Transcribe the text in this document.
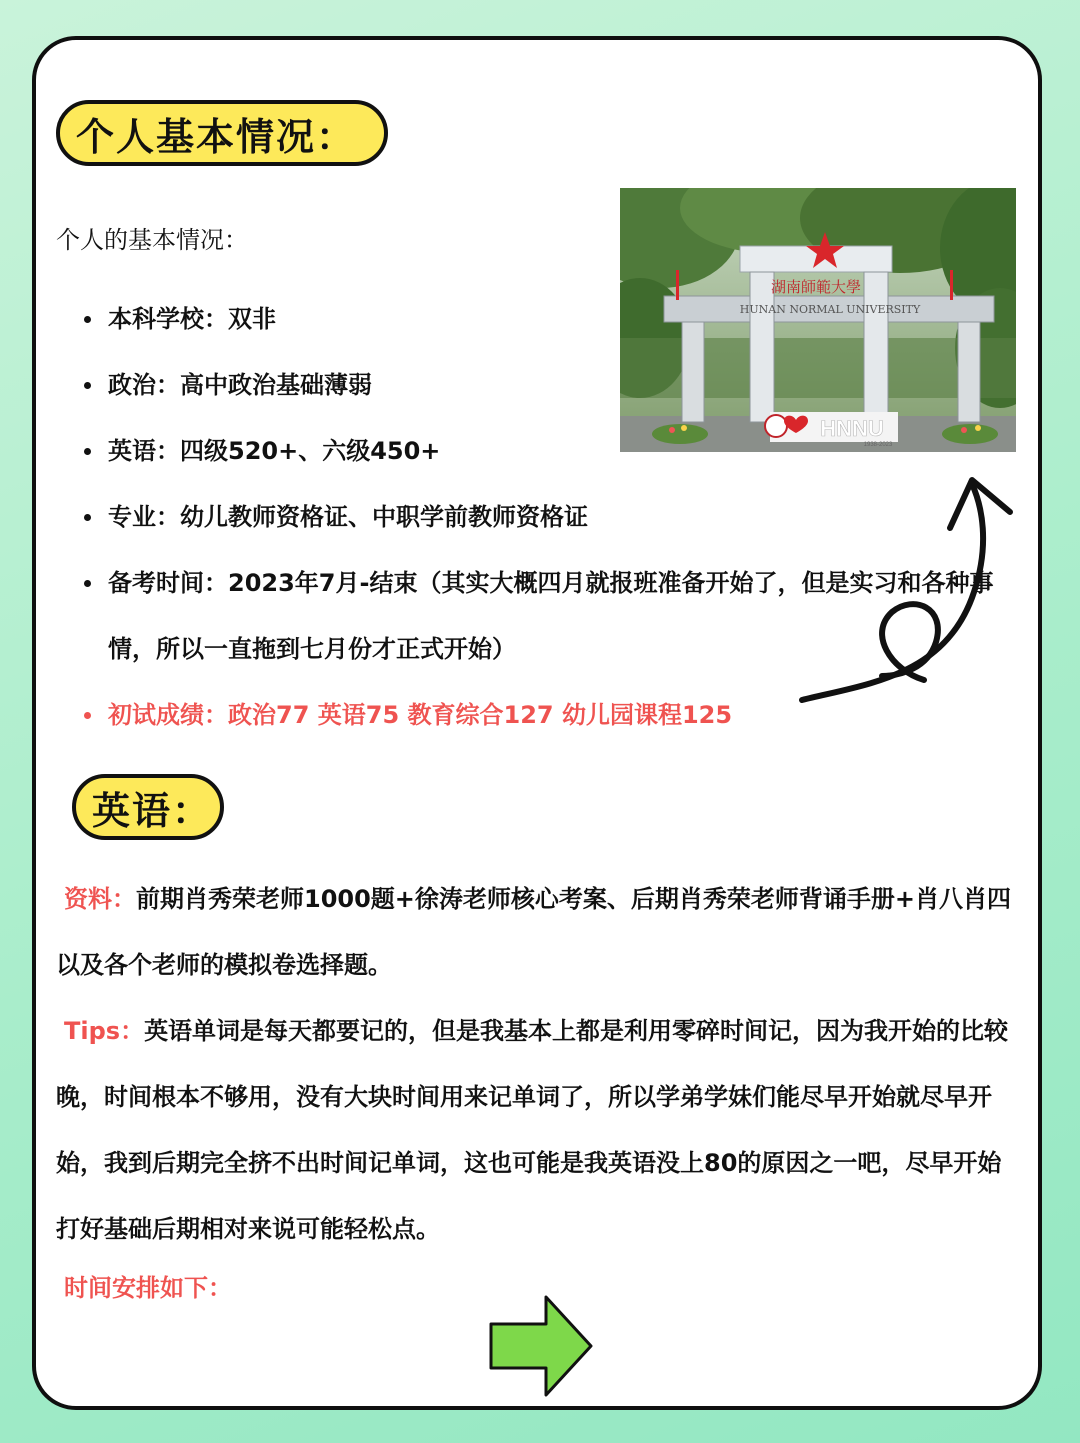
个人基本情况：
个人的基本情况：
本科学校：双非
政治：高中政治基础薄弱
英语：四级520+、六级450+
专业：幼儿教师资格证、中职学前教师资格证
备考时间：2023年7月-结束（其实大概四月就报班准备开始了，但是实习和各种事情，所以一直拖到七月份才正式开始）
初试成绩：政治77 英语75 教育综合127 幼儿园课程125
湖南師範大學
HUNAN NORMAL UNIVERSITY
HNNU
1938-2023
英语：

资料：前期肖秀荣老师1000题+徐涛老师核心考案、后期肖秀荣老师背诵手册+肖八肖四以及各个老师的模拟卷选择题。

Tips：英语单词是每天都要记的，但是我基本上都是利用零碎时间记，因为我开始的比较晚，时间根本不够用，没有大块时间用来记单词了，所以学弟学妹们能尽早开始就尽早开始，我到后期完全挤不出时间记单词，这也可能是我英语没上80的原因之一吧，尽早开始打好基础后期相对来说可能轻松点。

时间安排如下：
